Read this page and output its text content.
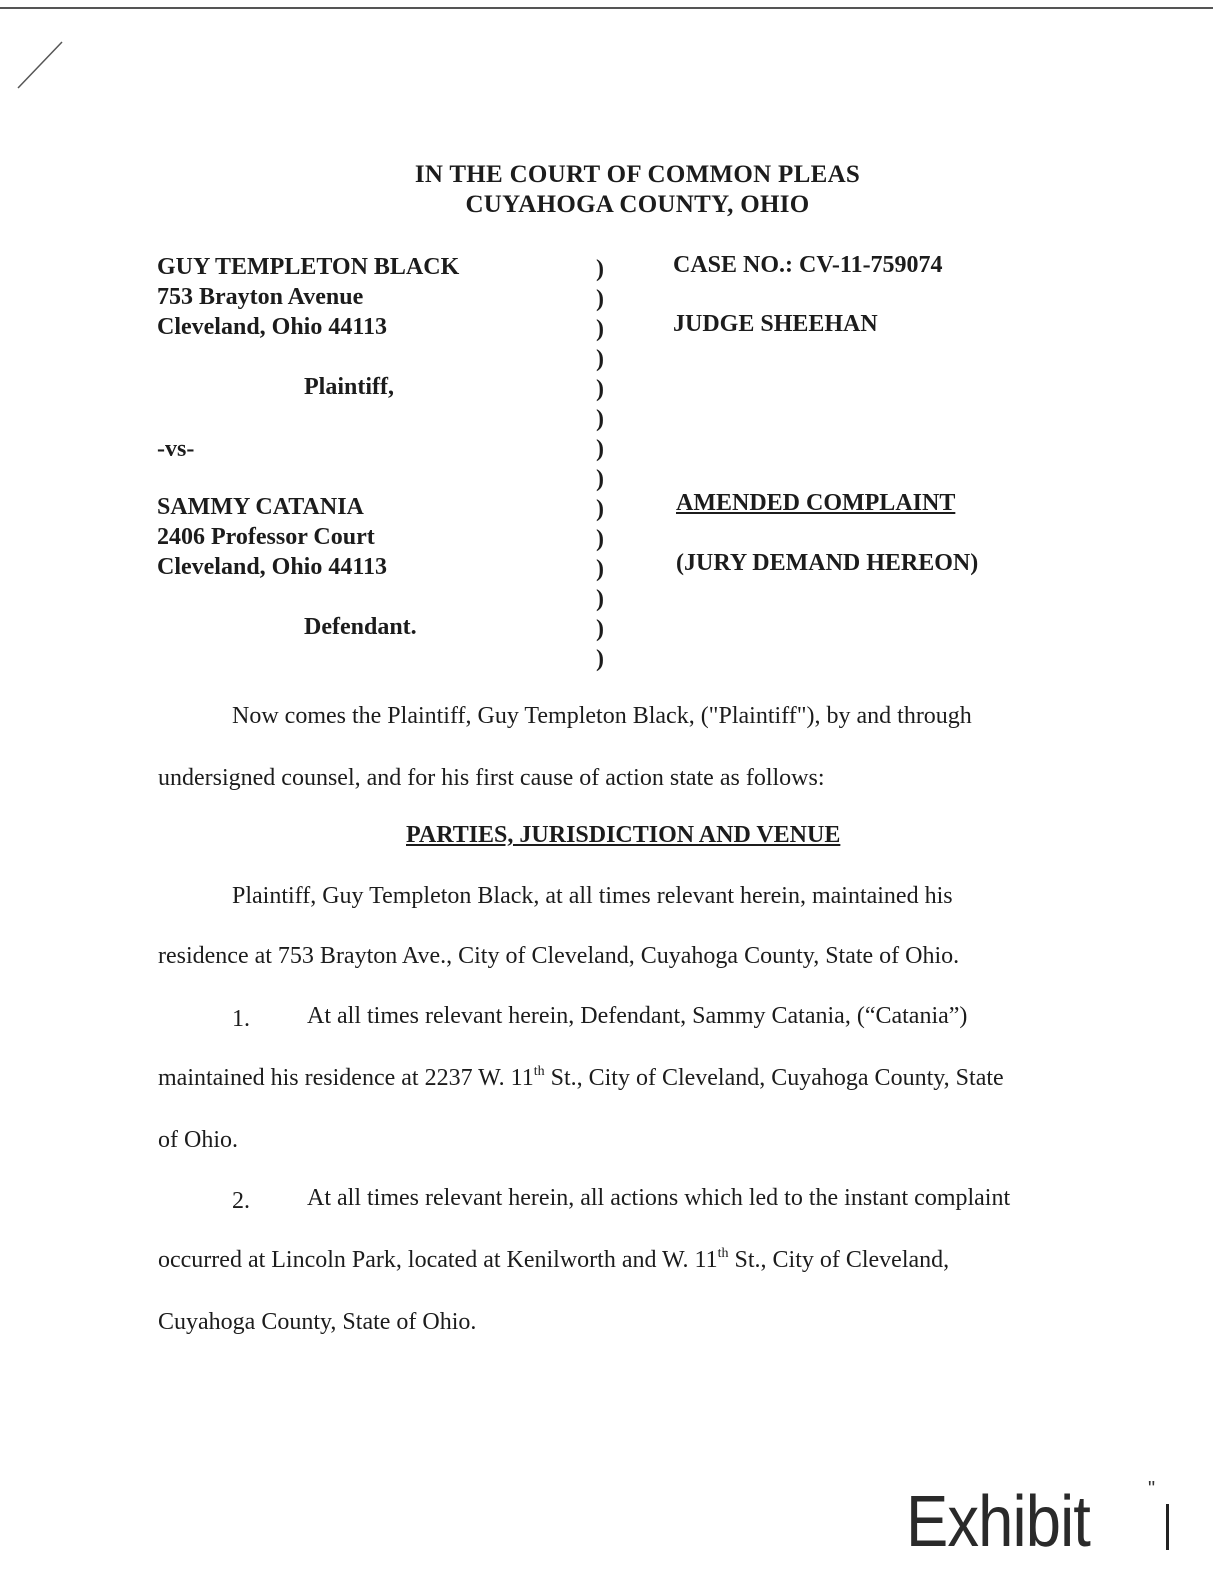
IN THE COURT OF COMMON PLEAS
CUYAHOGA COUNTY, OHIO
GUY TEMPLETON BLACK
753 Brayton Avenue
Cleveland, Ohio 44113
Plaintiff,
-vs-
SAMMY CATANIA
2406 Professor Court
Cleveland, Ohio 44113
Defendant.
)
)
)
)
)
)
)
)
)
)
)
)
)
)
CASE NO.: CV-11-759074
JUDGE SHEEHAN
AMENDED COMPLAINT
(JURY DEMAND HEREON)
Now comes the Plaintiff, Guy Templeton Black, ("Plaintiff"), by and through
undersigned counsel, and for his first cause of action state as follows:
PARTIES, JURISDICTION AND VENUE
Plaintiff, Guy Templeton Black, at all times relevant herein, maintained his
residence at 753 Brayton Ave., City of Cleveland, Cuyahoga County, State of Ohio.
1. At all times relevant herein, Defendant, Sammy Catania, (“Catania”)
maintained his residence at 2237 W. 11th St., City of Cleveland, Cuyahoga County, State
of Ohio.
2. At all times relevant herein, all actions which led to the instant complaint
occurred at Lincoln Park, located at Kenilworth and W. 11th St., City of Cleveland,
Cuyahoga County, State of Ohio.
Exhibit	"
